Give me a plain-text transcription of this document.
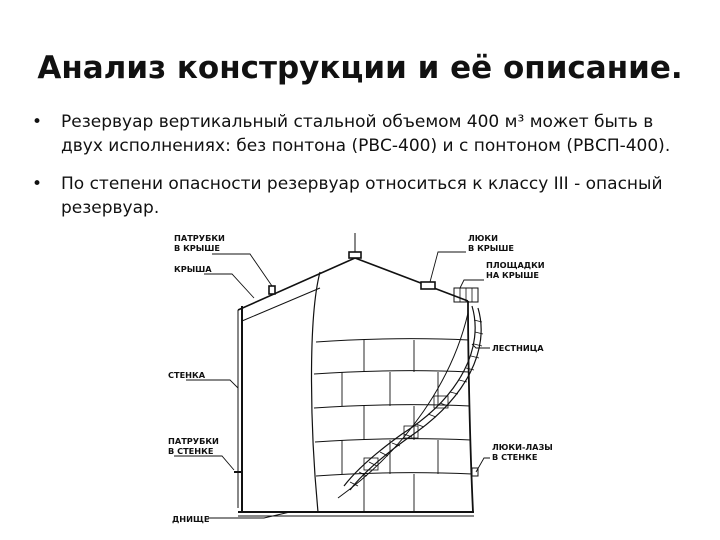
Анализ конструкции и её описание.
• Резервуар вертикальный стальной объемом 400 м³ может быть в двух исполнениях: без понтона (РВС-400) и с понтоном (РВСП-400).
• По степени опасности резервуар относиться к классу III - опасный резервуар.
ПАТРУБКИ
В КРЫШЕ
КРЫША
СТЕНКА
ПАТРУБКИ
В СТЕНКЕ
ДНИЩЕ
ЛЮКИ
В КРЫШЕ
ПЛОЩАДКИ
НА КРЫШЕ
ЛЕСТНИЦА
ЛЮКИ-ЛАЗЫ
В СТЕНКЕ
